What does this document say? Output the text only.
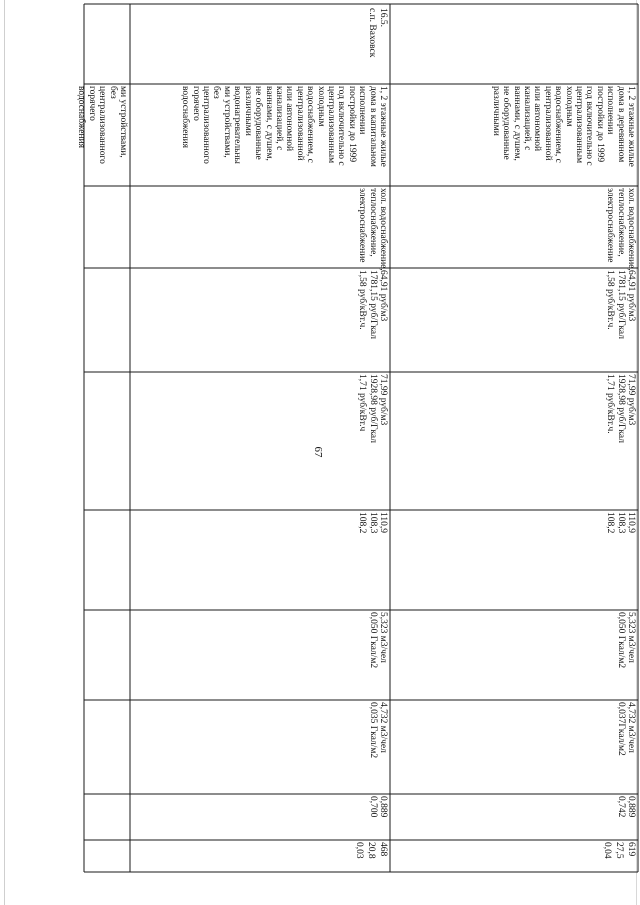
67
ми устройствами,
без
централизованного
горячего
водоснабжения
16.5.
с.п. Ваховск
1, 2 этажные жилые
дома в капитальном
исполнении
постройки до 1999
год включительно с
централизованным
холодным
водоснабжением, с
централизованной
или автономной
канализацией, с
ваннами, с душем,
не оборудованные
различными
водонагревательны
ми устройствами,
без
централизованного
горячего
водоснабжения
хол. водоснабжение,
теплоснабжение,
электроснабжение
64,91 руб/м3
1781,15 руб/Гкал
1,58 руб/кВт.ч.
71,99 руб/м3
1928,98 руб/Гкал
1,71 руб/кВт.ч
110,9
108,3
108,2
5,323 м3/чел
0,050 Гкал/м2
4,732 м3/чел
0,035 Гкал/м2
0,889
0,700
468
20,8
0,03
1, 2 этажные жилые
дома в деревянном
исполнении
постройки до 1999
год включительно с
централизованным
холодным
водоснабжением, с
централизованной
или автономной
канализацией, с
ваннами, с душем,
не оборудованные
различными
хол. водоснабжение,
теплоснабжение,
электроснабжение
64,91 руб/м3
1781,15 руб/Гкал
1,58 руб/кВт.ч.
71,99 руб/м3
1928,98 руб/Гкал
1,71 руб/кВт.ч.
110,9
108,3
108,2
5,323 м3/чел
0,050 Гкал/м2
4,732 м3/чел
0,037Гкал/м2
0,889
0,742
619
27,5
0,04
